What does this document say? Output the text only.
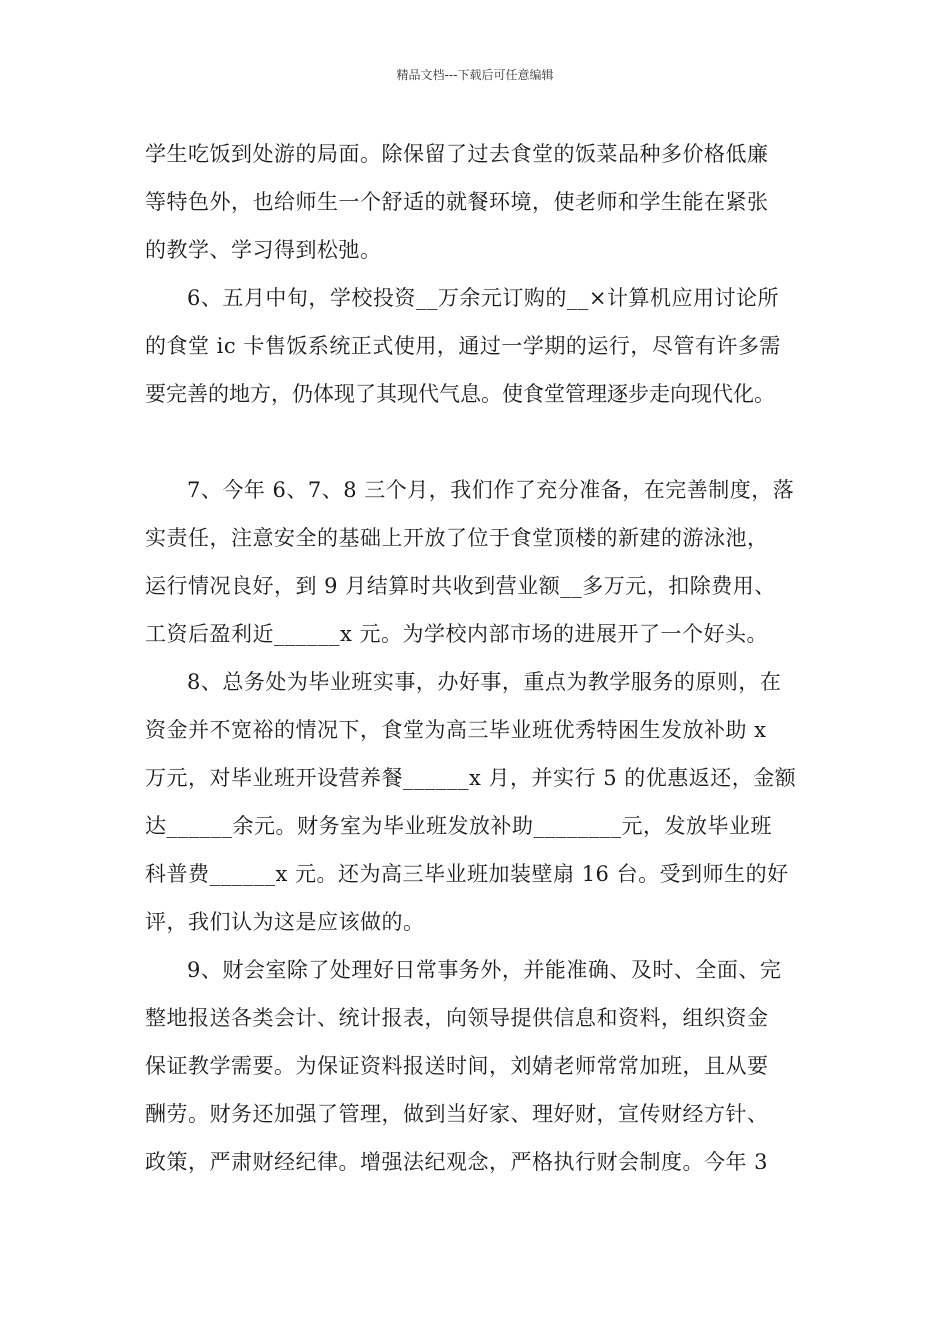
精品文档---下载后可任意编辑

学生吃饭到处游的局面。除保留了过去食堂的饭菜品种多价格低廉

等特色外，也给师生一个舒适的就餐环境，使老师和学生能在紧张

的教学、学习得到松弛。

6、五月中旬，学校投资__万余元订购的__×计算机应用讨论所

的食堂 ic 卡售饭系统正式使用，通过一学期的运行，尽管有许多需

要完善的地方，仍体现了其现代气息。使食堂管理逐步走向现代化。

7、今年 6、7、8 三个月，我们作了充分准备，在完善制度，落

实责任，注意安全的基础上开放了位于食堂顶楼的新建的游泳池，

运行情况良好，到 9 月结算时共收到营业额__多万元，扣除费用、

工资后盈利近______x 元。为学校内部市场的进展开了一个好头。

8、总务处为毕业班实事，办好事，重点为教学服务的原则，在

资金并不宽裕的情况下，食堂为高三毕业班优秀特困生发放补助 x

万元，对毕业班开设营养餐______x 月，并实行 5 的优惠返还，金额

达______余元。财务室为毕业班发放补助________元，发放毕业班

科普费______x 元。还为高三毕业班加装壁扇 16 台。受到师生的好

评，我们认为这是应该做的。

9、财会室除了处理好日常事务外，并能准确、及时、全面、完

整地报送各类会计、统计报表，向领导提供信息和资料，组织资金

保证教学需要。为保证资料报送时间，刘婧老师常常加班，且从要

酬劳。财务还加强了管理，做到当好家、理好财，宣传财经方针、

政策，严肃财经纪律。增强法纪观念，严格执行财会制度。今年 3
